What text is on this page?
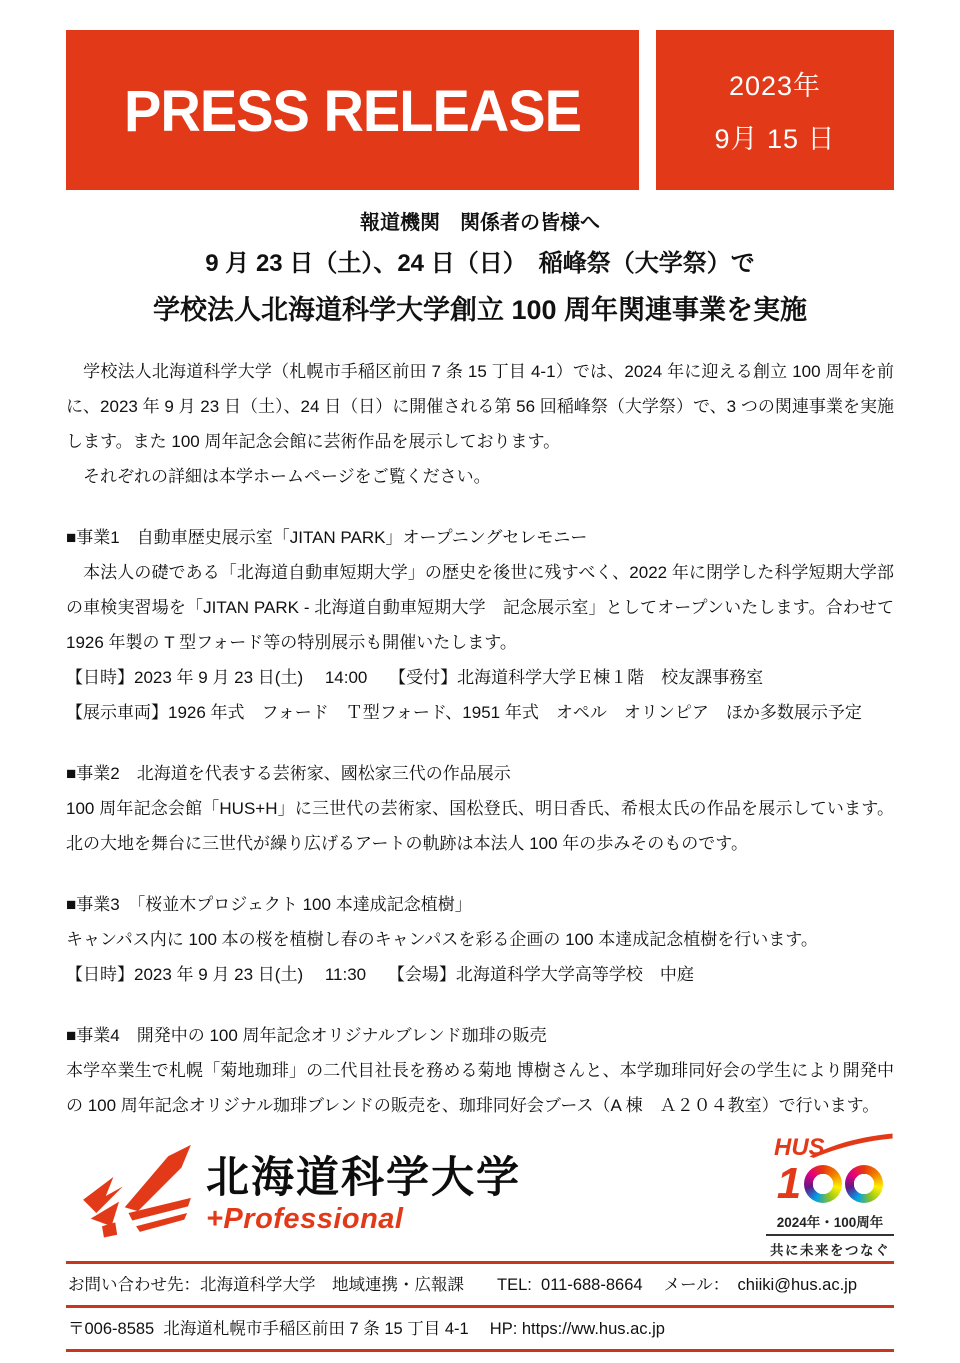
PRESS RELEASE	2023年
9月 15 日
報道機関　関係者の皆様へ
9 月 23 日（土）、24 日（日）　稲峰祭（大学祭）で
学校法人北海道科学大学創立 100 周年関連事業を実施
　学校法人北海道科学大学（札幌市手稲区前田 7 条 15 丁目 4-1）では、2024 年に迎える創立 100 周年を前に、2023 年 9 月 23 日（土）、24 日（日）に開催される第 56 回稲峰祭（大学祭）で、3 つの関連事業を実施します。また 100 周年記念会館に芸術作品を展示しております。
　それぞれの詳細は本学ホームページをご覧ください。
■事業1　自動車歴史展示室「JITAN PARK」オープニングセレモニー
　本法人の礎である「北海道自動車短期大学」の歴史を後世に残すべく、2022 年に閉学した科学短期大学部の車検実習場を「JITAN PARK - 北海道自動車短期大学　記念展示室」としてオープンいたします。合わせて 1926 年製の T 型フォード等の特別展示も開催いたします。
【日時】2023 年 9 月 23 日(土)　 14:00　 【受付】北海道科学大学Ｅ棟１階　校友課事務室
【展示車両】1926 年式　フォード　Ｔ型フォード、1951 年式　オペル　オリンピア　ほか多数展示予定
■事業2　北海道を代表する芸術家、國松家三代の作品展示
100 周年記念会館「HUS+H」に三世代の芸術家、国松登氏、明日香氏、希根太氏の作品を展示しています。北の大地を舞台に三世代が繰り広げるアートの軌跡は本法人 100 年の歩みそのものです。
■事業3　「桜並木プロジェクト 100 本達成記念植樹」
キャンパス内に 100 本の桜を植樹し春のキャンパスを彩る企画の 100 本達成記念植樹を行います。
【日時】2023 年 9 月 23 日(土)　 11:30　 【会場】北海道科学大学高等学校　中庭
■事業4　開発中の 100 周年記念オリジナルブレンド珈琲の販売
本学卒業生で札幌「菊地珈琲」の二代目社長を務める菊地 博樹さんと、本学珈琲同好会の学生により開発中の 100 周年記念オリジナル珈琲ブレンドの販売を、珈琲同好会ブース（A 棟　Ａ２０４教室）で行います。
北海道科学大学
+Professional
HUS
1
2024年・100周年
共に未来をつなぐ
お問い合わせ先：北海道科学大学　地域連携・広報課　　TEL:  011-688-8664　 メール：　chiiki@hus.ac.jp
〒006-8585  北海道札幌市手稲区前田 7 条 15 丁目 4-1　 HP: https://ww.hus.ac.jp
